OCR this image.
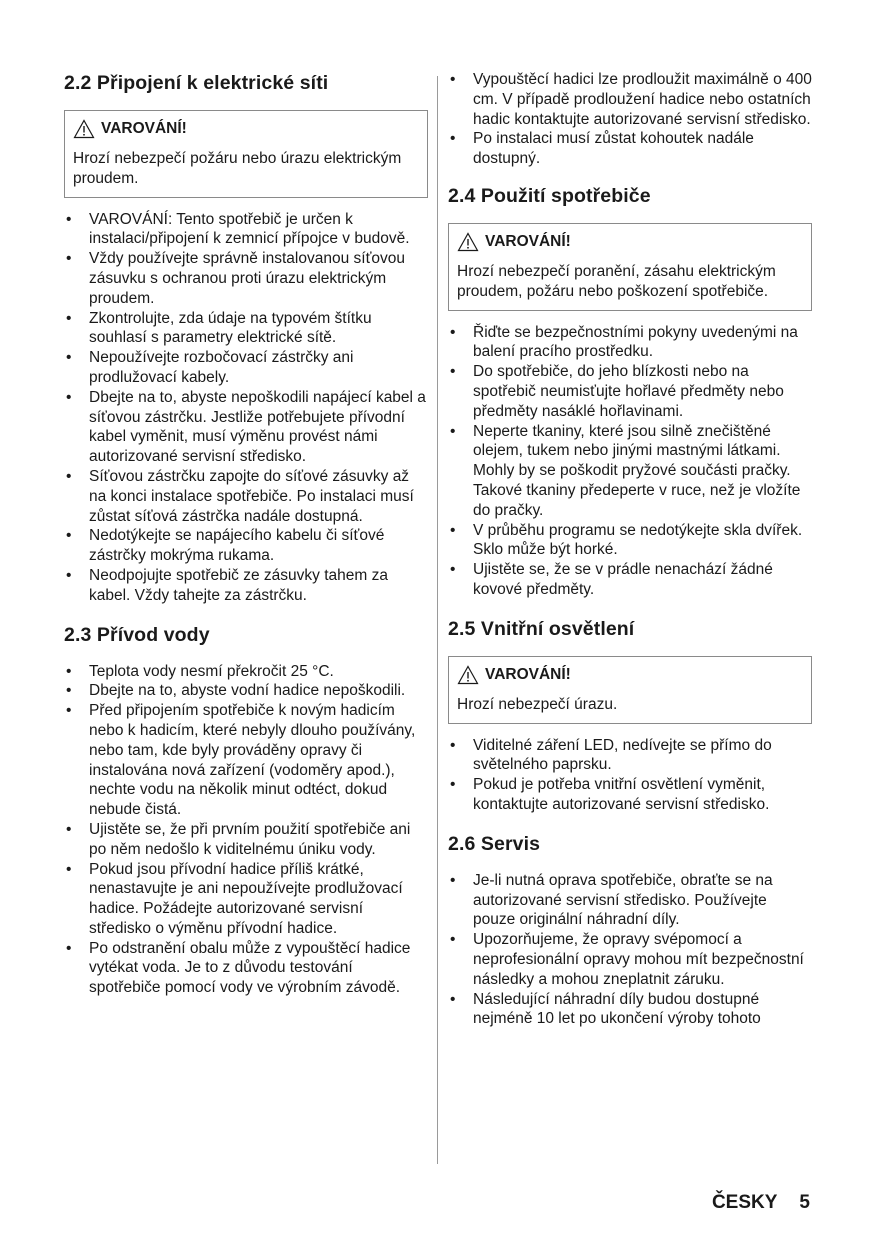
2.2 Připojení k elektrické síti
VAROVÁNÍ!
Hrozí nebezpečí požáru nebo úrazu elektrickým proudem.
• VAROVÁNÍ: Tento spotřebič je určen k instalaci/připojení k zemnicí přípojce v budově.
• Vždy používejte správně instalovanou síťovou zásuvku s ochranou proti úrazu elektrickým proudem.
• Zkontrolujte, zda údaje na typovém štítku souhlasí s parametry elektrické sítě.
• Nepoužívejte rozbočovací zástrčky ani prodlužovací kabely.
• Dbejte na to, abyste nepoškodili napájecí kabel a síťovou zástrčku. Jestliže potřebujete přívodní kabel vyměnit, musí výměnu provést námi autorizované servisní středisko.
• Síťovou zástrčku zapojte do síťové zásuvky až na konci instalace spotřebiče. Po instalaci musí zůstat síťová zástrčka nadále dostupná.
• Nedotýkejte se napájecího kabelu či síťové zástrčky mokrýma rukama.
• Neodpojujte spotřebič ze zásuvky tahem za kabel. Vždy tahejte za zástrčku.
2.3 Přívod vody
• Teplota vody nesmí překročit 25 °C.
• Dbejte na to, abyste vodní hadice nepoškodili.
• Před připojením spotřebiče k novým hadicím nebo k hadicím, které nebyly dlouho používány, nebo tam, kde byly prováděny opravy či instalována nová zařízení (vodoměry apod.), nechte vodu na několik minut odtéct, dokud nebude čistá.
• Ujistěte se, že při prvním použití spotřebiče ani po něm nedošlo k viditelnému úniku vody.
• Pokud jsou přívodní hadice příliš krátké, nenastavujte je ani nepoužívejte prodlužovací hadice. Požádejte autorizované servisní středisko o výměnu přívodní hadice.
• Po odstranění obalu může z vypouštěcí hadice vytékat voda. Je to z důvodu testování spotřebiče pomocí vody ve výrobním závodě.
• Vypouštěcí hadici lze prodloužit maximálně o 400 cm. V případě prodloužení hadice nebo ostatních hadic kontaktujte autorizované servisní středisko.
• Po instalaci musí zůstat kohoutek nadále dostupný.
2.4 Použití spotřebiče
VAROVÁNÍ!
Hrozí nebezpečí poranění, zásahu elektrickým proudem, požáru nebo poškození spotřebiče.
• Řiďte se bezpečnostními pokyny uvedenými na balení pracího prostředku.
• Do spotřebiče, do jeho blízkosti nebo na spotřebič neumisťujte hořlavé předměty nebo předměty nasáklé hořlavinami.
• Neperte tkaniny, které jsou silně znečištěné olejem, tukem nebo jinými mastnými látkami. Mohly by se poškodit pryžové součásti pračky. Takové tkaniny předeperte v ruce, než je vložíte do pračky.
• V průběhu programu se nedotýkejte skla dvířek. Sklo může být horké.
• Ujistěte se, že se v prádle nenachází žádné kovové předměty.
2.5 Vnitřní osvětlení
VAROVÁNÍ!
Hrozí nebezpečí úrazu.
• Viditelné záření LED, nedívejte se přímo do světelného paprsku.
• Pokud je potřeba vnitřní osvětlení vyměnit, kontaktujte autorizované servisní středisko.
2.6 Servis
• Je-li nutná oprava spotřebiče, obraťte se na autorizované servisní středisko. Používejte pouze originální náhradní díly.
• Upozorňujeme, že opravy svépomocí a neprofesionální opravy mohou mít bezpečnostní následky a mohou zneplatnit záruku.
• Následující náhradní díly budou dostupné nejméně 10 let po ukončení výroby tohoto
ČESKY 5
